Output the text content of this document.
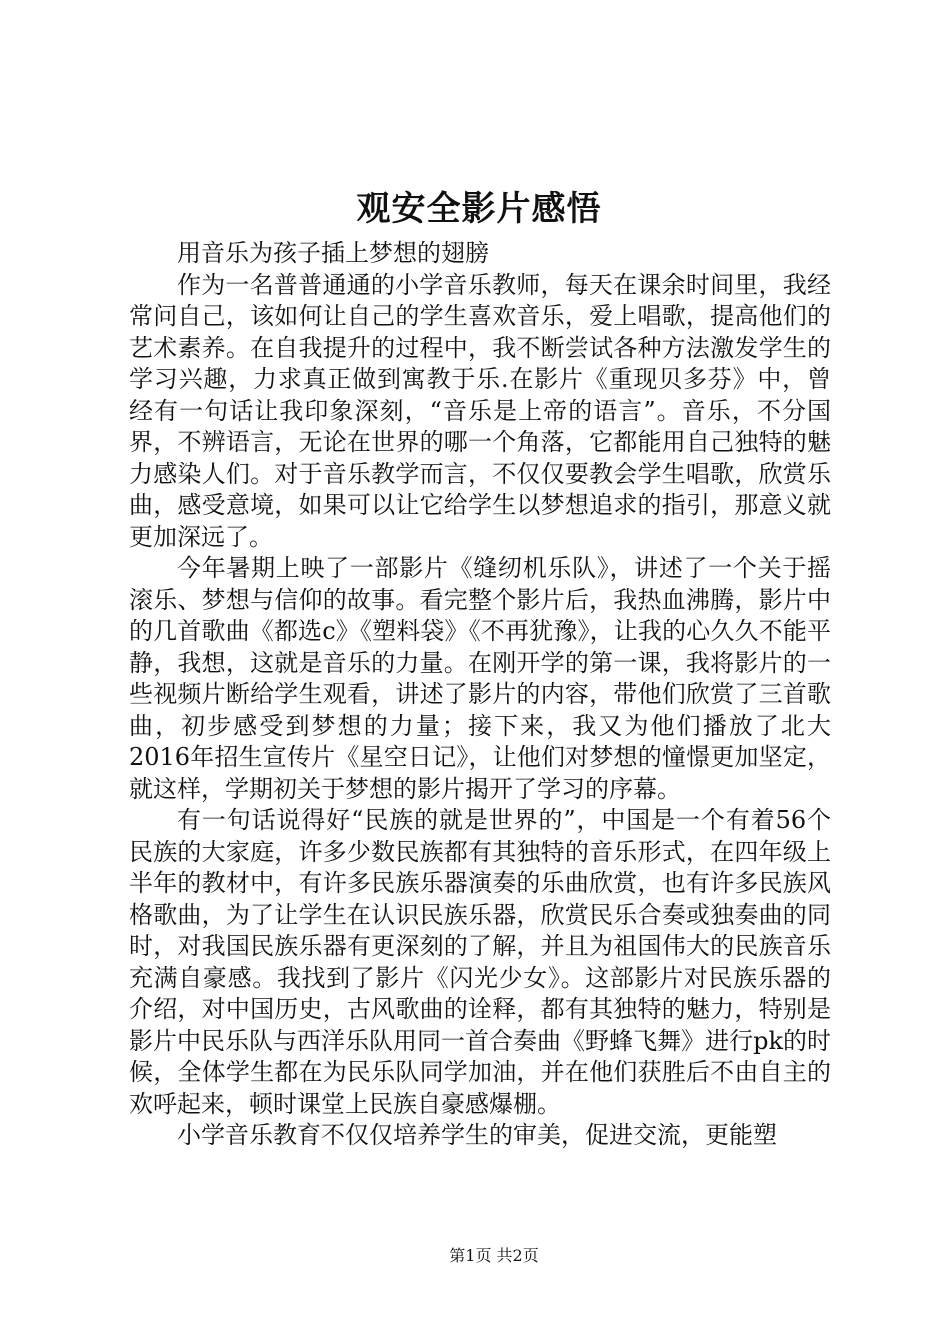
观安全影片感悟

用音乐为孩子插上梦想的翅膀

作为一名普普通通的小学音乐教师，每天在课余时间里，我经常问自己，该如何让自己的学生喜欢音乐，爱上唱歌，提高他们的艺术素养。在自我提升的过程中，我不断尝试各种方法激发学生的学习兴趣，力求真正做到寓教于乐.在影片《重现贝多芬》中，曾经有一句话让我印象深刻，“音乐是上帝的语言”。音乐，不分国界，不辨语言，无论在世界的哪一个角落，它都能用自己独特的魅力感染人们。对于音乐教学而言，不仅仅要教会学生唱歌，欣赏乐曲，感受意境，如果可以让它给学生以梦想追求的指引，那意义就更加深远了。

今年暑期上映了一部影片《缝纫机乐队》，讲述了一个关于摇滚乐、梦想与信仰的故事。看完整个影片后，我热血沸腾，影片中的几首歌曲《都选c》《塑料袋》《不再犹豫》，让我的心久久不能平静，我想，这就是音乐的力量。在刚开学的第一课，我将影片的一些视频片断给学生观看，讲述了影片的内容，带他们欣赏了三首歌曲，初步感受到梦想的力量；接下来，我又为他们播放了北大2016年招生宣传片《星空日记》，让他们对梦想的憧憬更加坚定，就这样，学期初关于梦想的影片揭开了学习的序幕。

有一句话说得好“民族的就是世界的”，中国是一个有着56个民族的大家庭，许多少数民族都有其独特的音乐形式，在四年级上半年的教材中，有许多民族乐器演奏的乐曲欣赏，也有许多民族风格歌曲，为了让学生在认识民族乐器，欣赏民乐合奏或独奏曲的同时，对我国民族乐器有更深刻的了解，并且为祖国伟大的民族音乐充满自豪感。我找到了影片《闪光少女》。这部影片对民族乐器的介绍，对中国历史，古风歌曲的诠释，都有其独特的魅力，特别是影片中民乐队与西洋乐队用同一首合奏曲《野蜂飞舞》进行pk的时候，全体学生都在为民乐队同学加油，并在他们获胜后不由自主的欢呼起来，顿时课堂上民族自豪感爆棚。

小学音乐教育不仅仅培养学生的审美，促进交流，更能塑

第1页 共2页
